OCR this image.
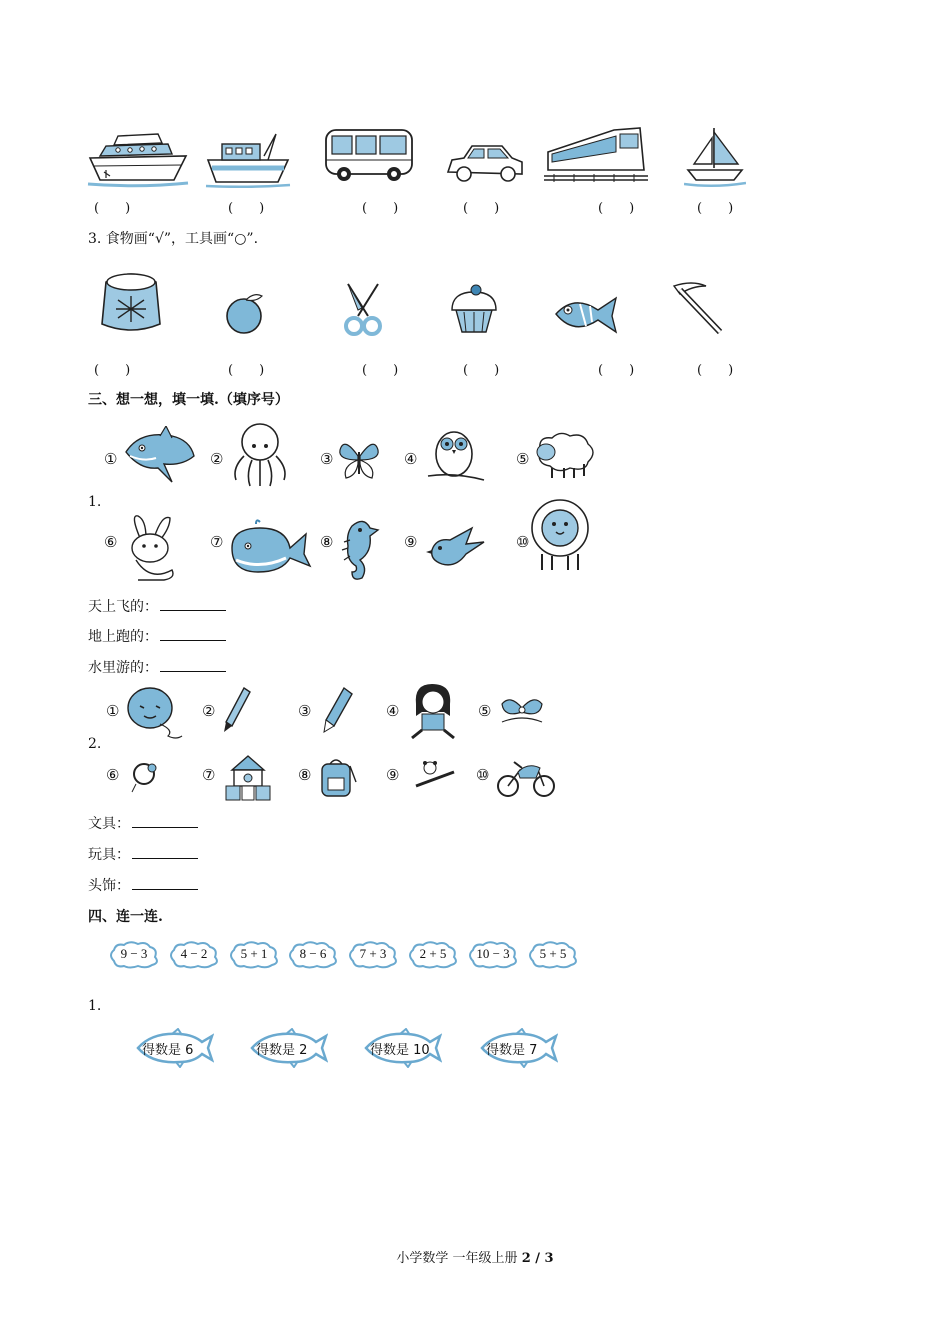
(　　)	(　　)	(　　)	(　　)	(　　)	(　　)
3. 食物画“√”，工具画“○”.
(　　)	(　　)	(　　)	(　　)	(　　)	(　　)
三、想一想，填一填.（填序号）
①	②	③	④	⑤
1.
⑥	⑦	⑧	⑨	⑩
天上飞的：
地上跑的：
水里游的：
①	②	③	④	⑤
2.
⑥	⑦	⑧	⑨	⑩
文具：
玩具：
头饰：
四、连一连.
9 − 3	4 − 2	5 + 1	8 − 6	7 + 3	2 + 5	10 − 3	5 + 5
1.
得数是 6	得数是 2	得数是 10	得数是 7
小学数学 一年级上册 2 / 3
